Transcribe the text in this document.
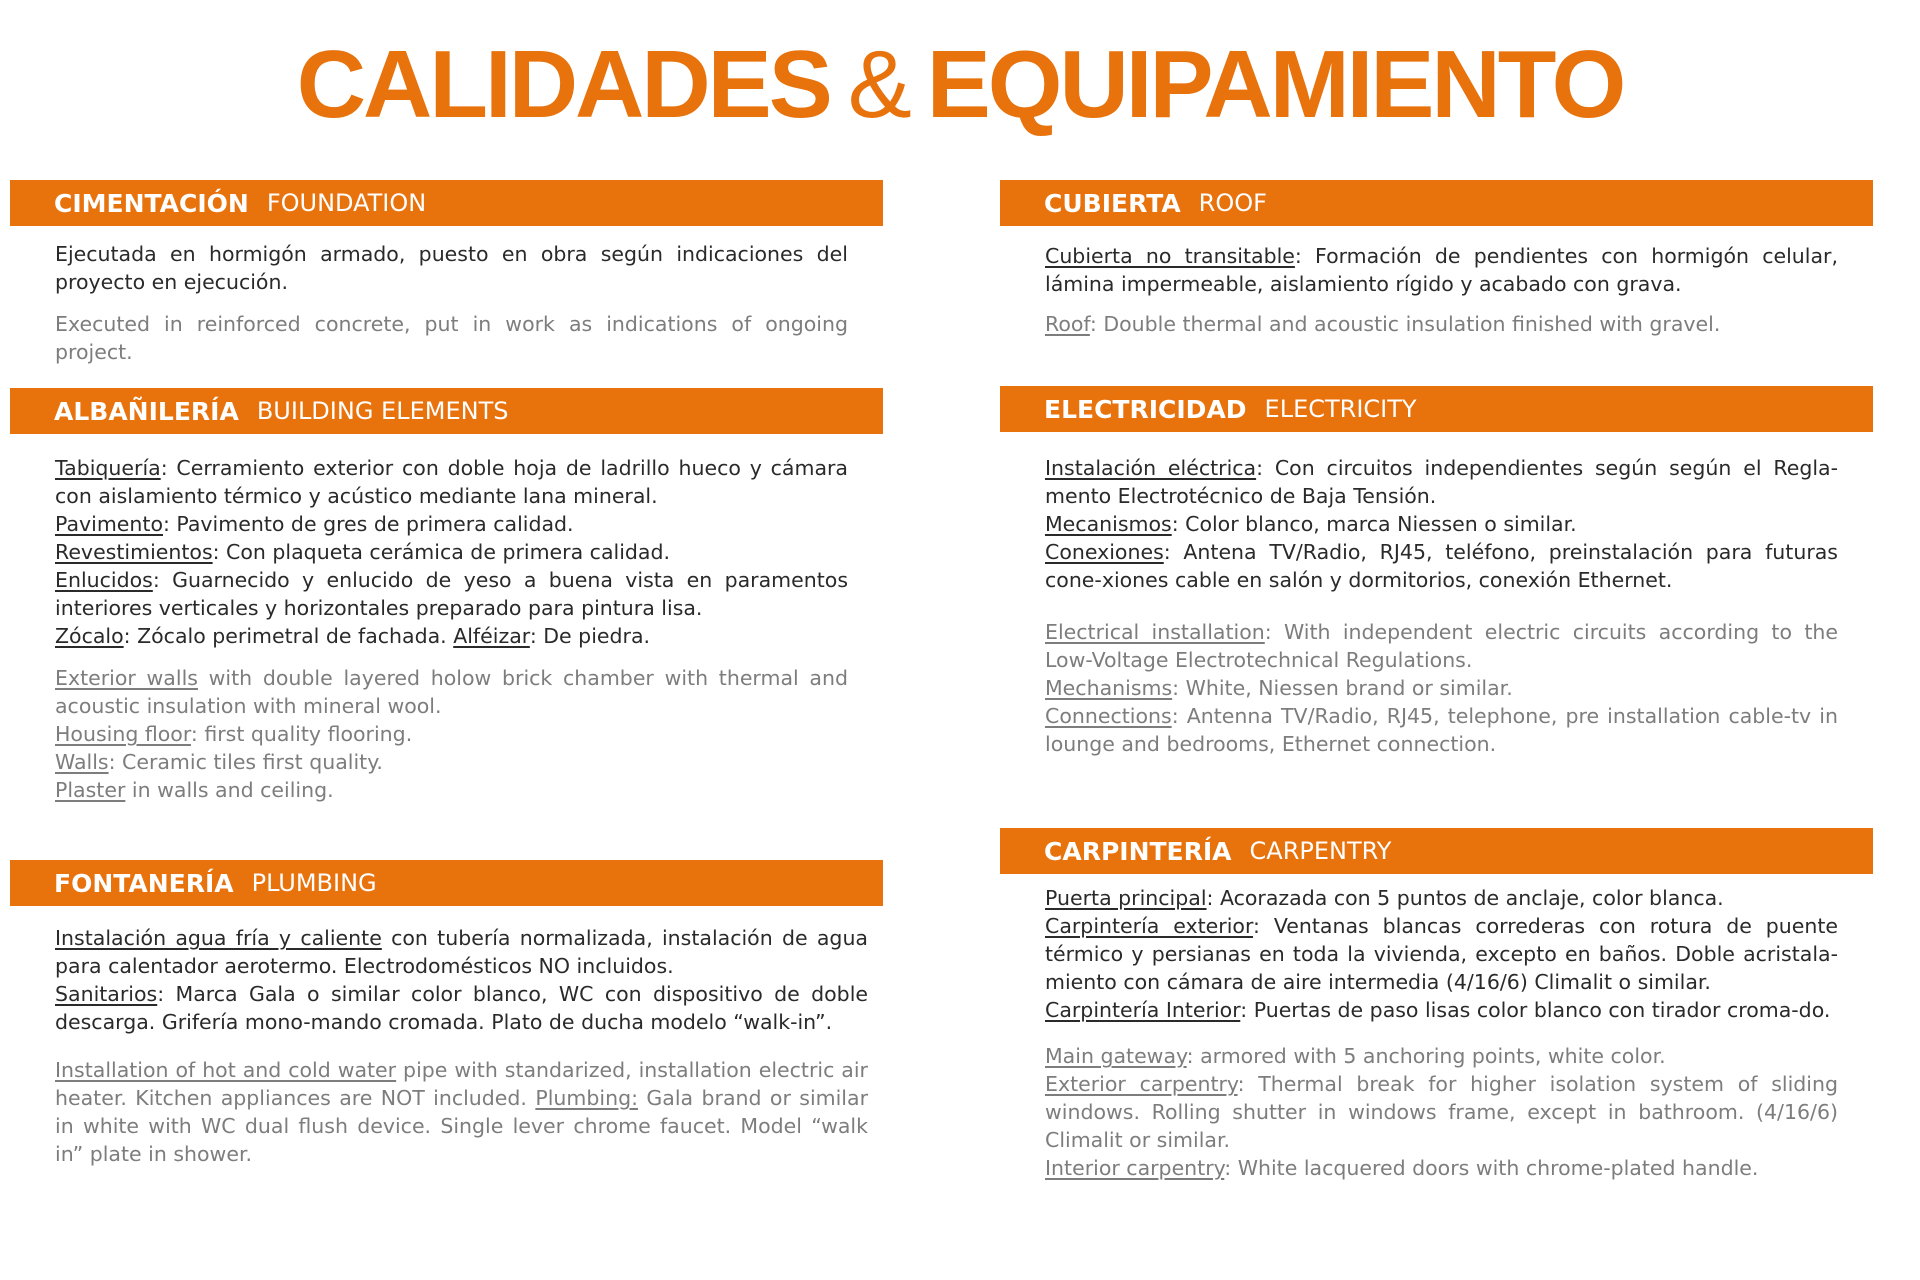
CALIDADES & EQUIPAMIENTO
CIMENTACIÓN FOUNDATION

Ejecutada en hormigón armado, puesto en obra según indicaciones del proyecto en ejecución.

Executed in reinforced concrete, put in work as indications of ongoing project.

ALBAÑILERÍA BUILDING ELEMENTS

Tabiquería: Cerramiento exterior con doble hoja de ladrillo hueco y cámara con aislamiento térmico y acústico mediante lana mineral.
Pavimento: Pavimento de gres de primera calidad.
Revestimientos: Con plaqueta cerámica de primera calidad.
Enlucidos: Guarnecido y enlucido de yeso a buena vista en paramentos interiores verticales y horizontales preparado para pintura lisa.
Zócalo: Zócalo perimetral de fachada. Alféizar: De piedra.

Exterior walls with double layered holow brick chamber with thermal and acoustic insulation with mineral wool.
Housing floor: first quality flooring.
Walls: Ceramic tiles first quality.
Plaster in walls and ceiling.

FONTANERÍA PLUMBING

Instalación agua fría y caliente con tubería normalizada, instalación de agua para calentador aerotermo. Electrodomésticos NO incluidos.
Sanitarios: Marca Gala o similar color blanco, WC con dispositivo de doble descarga. Grifería mono-mando cromada. Plato de ducha modelo “walk-in”.

Installation of hot and cold water pipe with standarized, installation electric air heater. Kitchen appliances are NOT included. Plumbing: Gala brand or similar in white with WC dual flush device. Single lever chrome faucet. Model “walk in” plate in shower.

CUBIERTA ROOF

Cubierta no transitable: Formación de pendientes con hormigón celular, lámina impermeable, aislamiento rígido y acabado con grava.

Roof: Double thermal and acoustic insulation finished with gravel.

ELECTRICIDAD ELECTRICITY

Instalación eléctrica: Con circuitos independientes según según el Regla-mento Electrotécnico de Baja Tensión.
Mecanismos: Color blanco, marca Niessen o similar.
Conexiones: Antena TV/Radio, RJ45, teléfono, preinstalación para futuras cone-xiones cable en salón y dormitorios, conexión Ethernet.

Electrical installation: With independent electric circuits according to the Low-Voltage Electrotechnical Regulations.
Mechanisms: White, Niessen brand or similar.
Connections: Antenna TV/Radio, RJ45, telephone, pre installation cable-tv in lounge and bedrooms, Ethernet connection.

CARPINTERÍA CARPENTRY

Puerta principal: Acorazada con 5 puntos de anclaje, color blanca.
Carpintería exterior: Ventanas blancas correderas con rotura de puente térmico y persianas en toda la vivienda, excepto en baños. Doble acristala-miento con cámara de aire intermedia (4/16/6) Climalit o similar.
Carpintería Interior: Puertas de paso lisas color blanco con tirador croma-do.

Main gateway: armored with 5 anchoring points, white color.
Exterior carpentry: Thermal break for higher isolation system of sliding windows. Rolling shutter in windows frame, except in bathroom. (4/16/6) Climalit or similar.
Interior carpentry: White lacquered doors with chrome-plated handle.
